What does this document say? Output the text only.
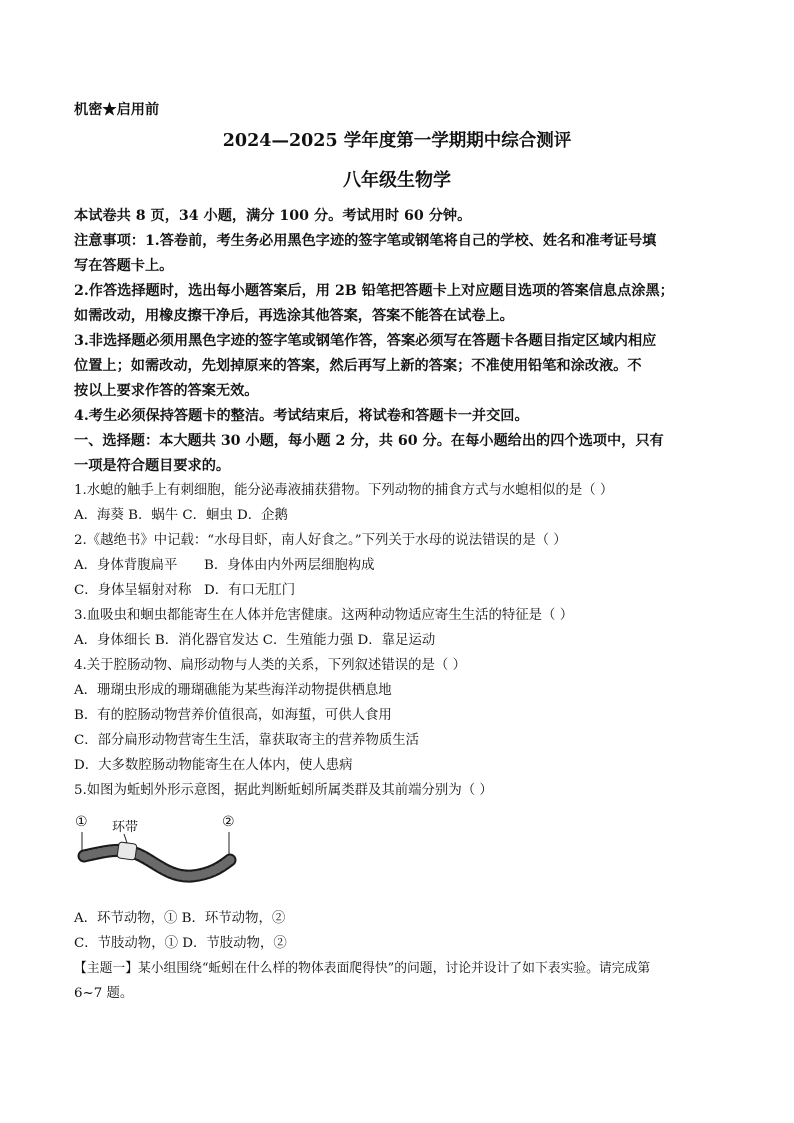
机密★启用前
2024—2025 学年度第一学期期中综合测评
八年级生物学
本试卷共 8 页，34 小题，满分 100 分。考试用时 60 分钟。
注意事项：1.答卷前，考生务必用黑色字迹的签字笔或钢笔将自己的学校、姓名和准考证号填
写在答题卡上。
2.作答选择题时，选出每小题答案后，用 2B 铅笔把答题卡上对应题目选项的答案信息点涂黑；
如需改动，用橡皮擦干净后，再选涂其他答案，答案不能答在试卷上。
3.非选择题必须用黑色字迹的签字笔或钢笔作答，答案必须写在答题卡各题目指定区域内相应
位置上；如需改动，先划掉原来的答案，然后再写上新的答案；不准使用铅笔和涂改液。不
按以上要求作答的答案无效。
4.考生必须保持答题卡的整洁。考试结束后，将试卷和答题卡一并交回。
一、选择题：本大题共 30 小题，每小题 2 分，共 60 分。在每小题给出的四个选项中，只有
一项是符合题目要求的。
1.水螅的触手上有刺细胞，能分泌毒液捕获猎物。下列动物的捕食方式与水螅相似的是（ ）
A．海葵 B．蜗牛 C．蛔虫 D．企鹅
2.《越绝书》中记载：“水母目虾，南人好食之。”下列关于水母的说法错误的是（ ）
A．身体背腹扁平 B．身体由内外两层细胞构成
C．身体呈辐射对称 D．有口无肛门
3.血吸虫和蛔虫都能寄生在人体并危害健康。这两种动物适应寄生生活的特征是（ ）
A．身体细长 B．消化器官发达 C．生殖能力强 D．靠足运动
4.关于腔肠动物、扁形动物与人类的关系，下列叙述错误的是（ ）
A．珊瑚虫形成的珊瑚礁能为某些海洋动物提供栖息地
B．有的腔肠动物营养价值很高，如海蜇，可供人食用
C．部分扁形动物营寄生生活，靠获取寄主的营养物质生活
D．大多数腔肠动物能寄生在人体内，使人患病
5.如图为蚯蚓外形示意图，据此判断蚯蚓所属类群及其前端分别为（ ）
① 环带	②
A．环节动物，① B．环节动物，②
C．节肢动物，① D．节肢动物，②
【主题一】某小组围绕“蚯蚓在什么样的物体表面爬得快”的问题，讨论并设计了如下表实验。请完成第
6~7 题。
